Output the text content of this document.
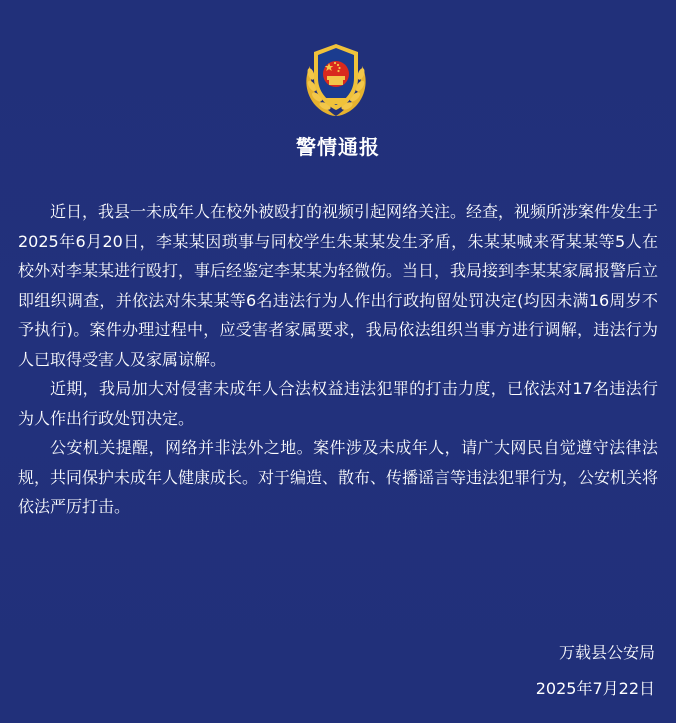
警情通报

近日，我县一未成年人在校外被殴打的视频引起网络关注。经查，视频所涉案件发生于2025年6月20日，李某某因琐事与同校学生朱某某发生矛盾，朱某某喊来胥某某等5人在校外对李某某进行殴打，事后经鉴定李某某为轻微伤。当日，我局接到李某某家属报警后立即组织调查，并依法对朱某某等6名违法行为人作出行政拘留处罚决定(均因未满16周岁不予执行)。案件办理过程中，应受害者家属要求，我局依法组织当事方进行调解，违法行为人已取得受害人及家属谅解。

近期，我局加大对侵害未成年人合法权益违法犯罪的打击力度，已依法对17名违法行为人作出行政处罚决定。

公安机关提醒，网络并非法外之地。案件涉及未成年人，请广大网民自觉遵守法律法规，共同保护未成年人健康成长。对于编造、散布、传播谣言等违法犯罪行为，公安机关将依法严厉打击。

万载县公安局
2025年7月22日
